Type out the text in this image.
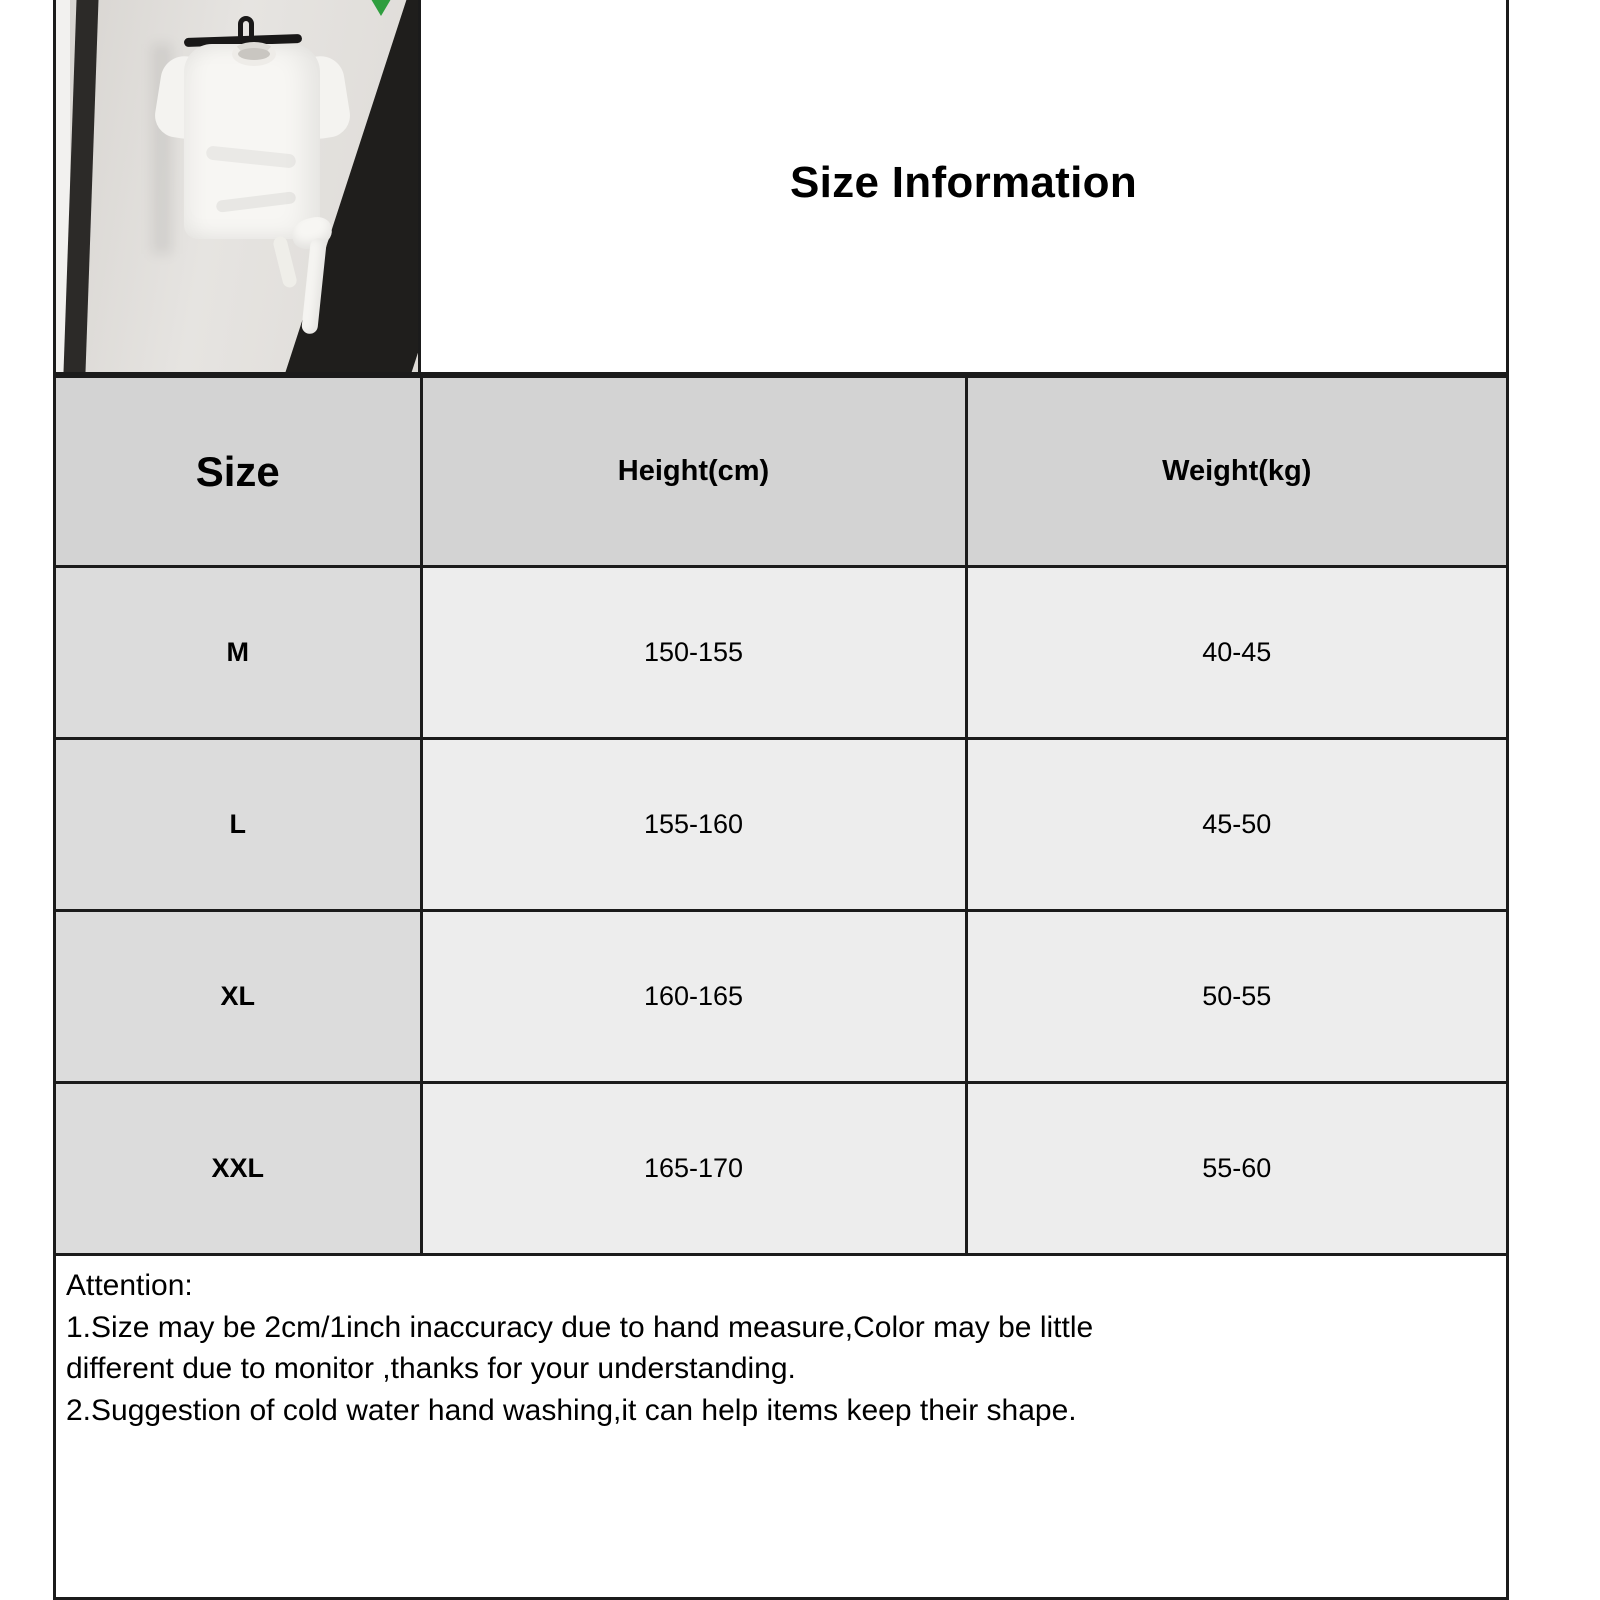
Size Information
Size	Height(cm)	Weight(kg)
M	150-155	40-45
L	155-160	45-50
XL	160-165	50-55
XXL	165-170	55-60

Attention:

1.Size may be 2cm/1inch inaccuracy due to hand measure,Color may be little

different due to monitor ,thanks for your understanding.

2.Suggestion of cold water hand washing,it can help items keep their shape.
